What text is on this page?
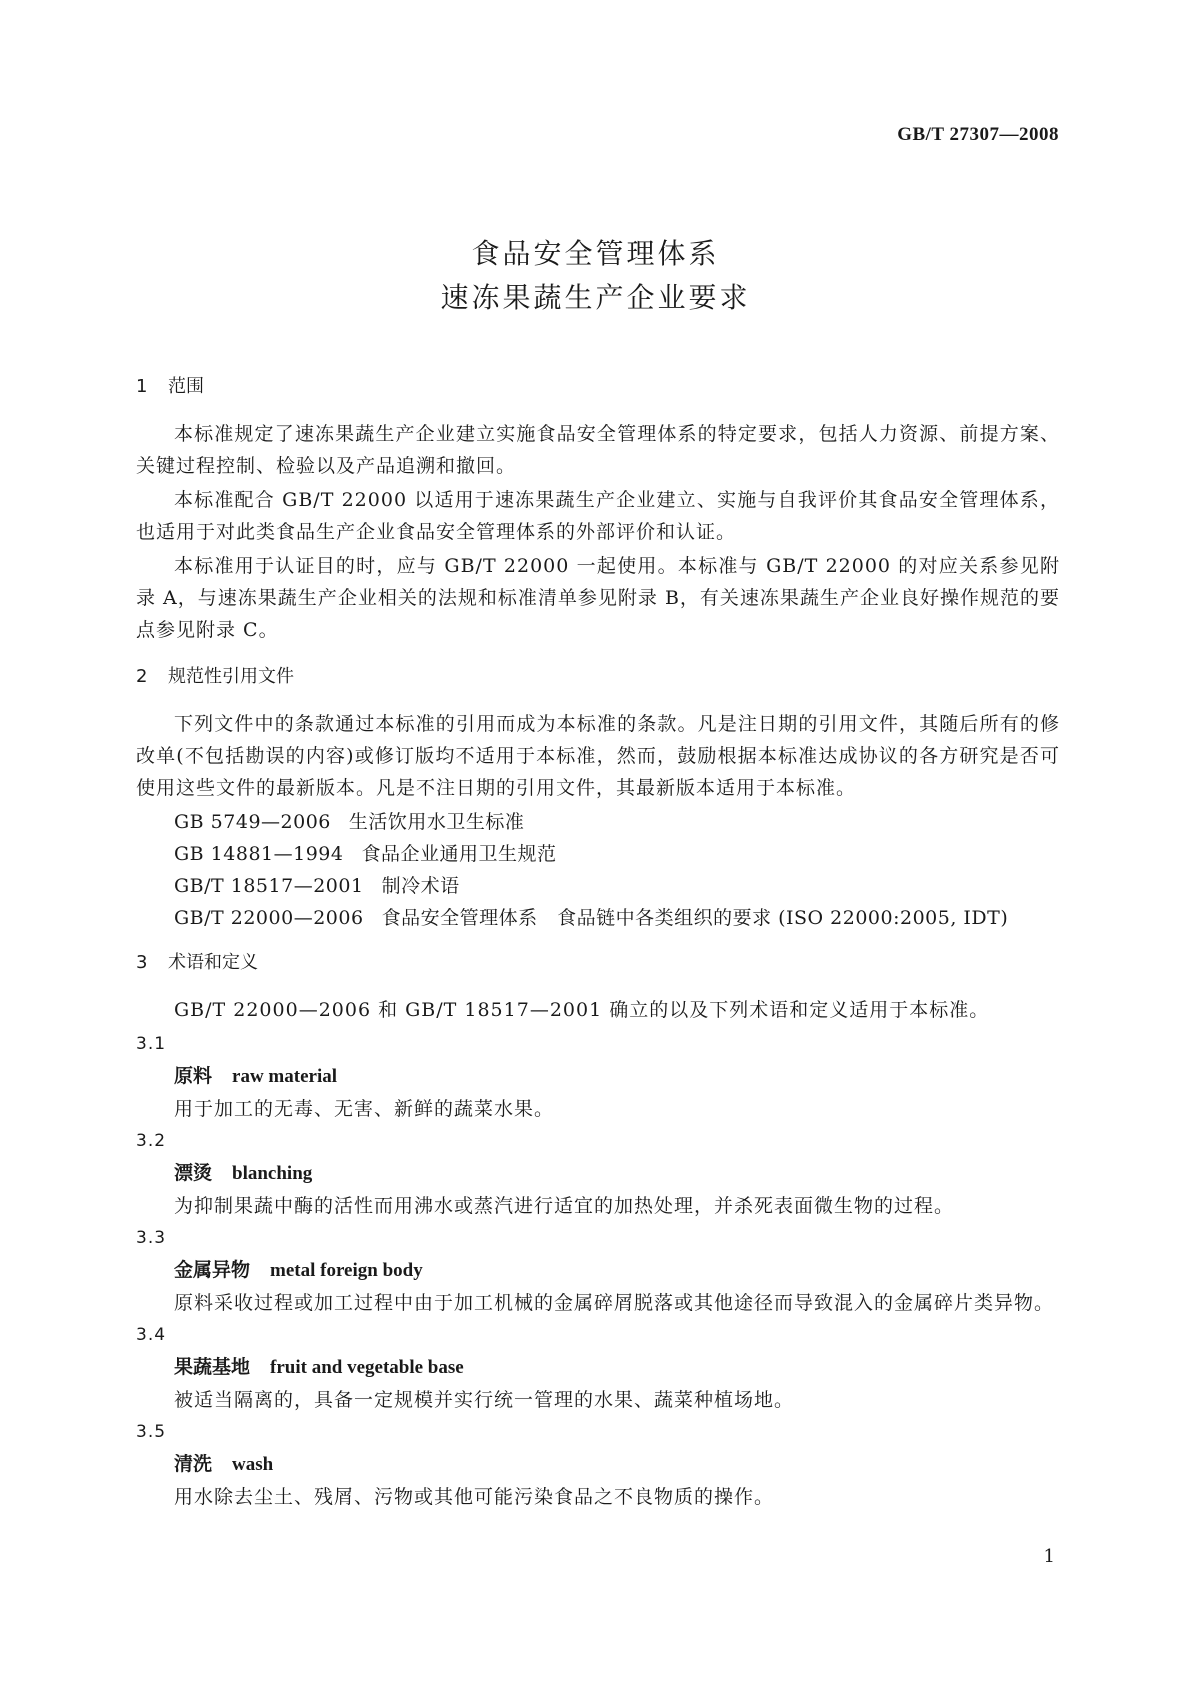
GB/T 27307—2008
食品安全管理体系
速冻果蔬生产企业要求
1 范围

本标准规定了速冻果蔬生产企业建立实施食品安全管理体系的特定要求，包括人力资源、前提方案、关键过程控制、检验以及产品追溯和撤回。

本标准配合 GB/T 22000 以适用于速冻果蔬生产企业建立、实施与自我评价其食品安全管理体系，也适用于对此类食品生产企业食品安全管理体系的外部评价和认证。

本标准用于认证目的时，应与 GB/T 22000 一起使用。本标准与 GB/T 22000 的对应关系参见附录 A，与速冻果蔬生产企业相关的法规和标准清单参见附录 B，有关速冻果蔬生产企业良好操作规范的要点参见附录 C。

2 规范性引用文件

下列文件中的条款通过本标准的引用而成为本标准的条款。凡是注日期的引用文件，其随后所有的修改单(不包括勘误的内容)或修订版均不适用于本标准，然而，鼓励根据本标准达成协议的各方研究是否可使用这些文件的最新版本。凡是不注日期的引用文件，其最新版本适用于本标准。

GB 5749—2006 生活饮用水卫生标准
GB 14881—1994 食品企业通用卫生规范
GB/T 18517—2001 制冷术语
GB/T 22000—2006 食品安全管理体系　食品链中各类组织的要求 (ISO 22000:2005, IDT)
3 术语和定义

GB/T 22000—2006 和 GB/T 18517—2001 确立的以及下列术语和定义适用于本标准。

3.1
原料 raw material
用于加工的无毒、无害、新鲜的蔬菜水果。
3.2
漂烫 blanching
为抑制果蔬中酶的活性而用沸水或蒸汽进行适宜的加热处理，并杀死表面微生物的过程。
3.3
金属异物 metal foreign body
原料采收过程或加工过程中由于加工机械的金属碎屑脱落或其他途径而导致混入的金属碎片类异物。
3.4
果蔬基地 fruit and vegetable base
被适当隔离的，具备一定规模并实行统一管理的水果、蔬菜种植场地。
3.5
清洗 wash
用水除去尘土、残屑、污物或其他可能污染食品之不良物质的操作。
1
